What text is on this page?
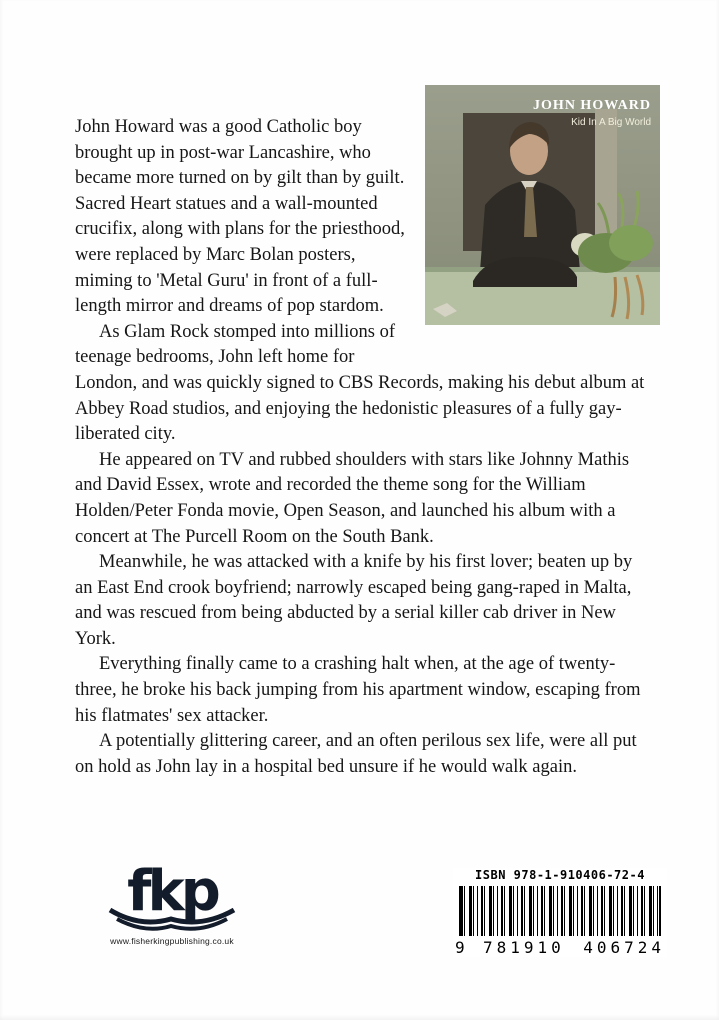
JOHN HOWARD
Kid In A Big World

John Howard was a good Catholic boy brought up in post-war Lancashire, who became more turned on by gilt than by guilt. Sacred Heart statues and a wall-mounted crucifix, along with plans for the priesthood, were replaced by Marc Bolan posters, miming to 'Metal Guru' in front of a full-length mirror and dreams of pop stardom.

As Glam Rock stomped into millions of teenage bedrooms, John left home for London, and was quickly signed to CBS Records, making his debut album at Abbey Road studios, and enjoying the hedonistic pleasures of a fully gay-liberated city.

He appeared on TV and rubbed shoulders with stars like Johnny Mathis and David Essex, wrote and recorded the theme song for the William Holden/Peter Fonda movie, Open Season, and launched his album with a concert at The Purcell Room on the South Bank.

Meanwhile, he was attacked with a knife by his first lover; beaten up by an East End crook boyfriend; narrowly escaped being gang-raped in Malta, and was rescued from being abducted by a serial killer cab driver in New York.

Everything finally came to a crashing halt when, at the age of twenty-three, he broke his back jumping from his apartment window, escaping from his flatmates' sex attacker.

A potentially glittering career, and an often perilous sex life, were all put on hold as John lay in a hospital bed unsure if he would walk again.

fkp
www.fisherkingpublishing.co.uk
ISBN 978-1-910406-72-4
9 781910 406724
